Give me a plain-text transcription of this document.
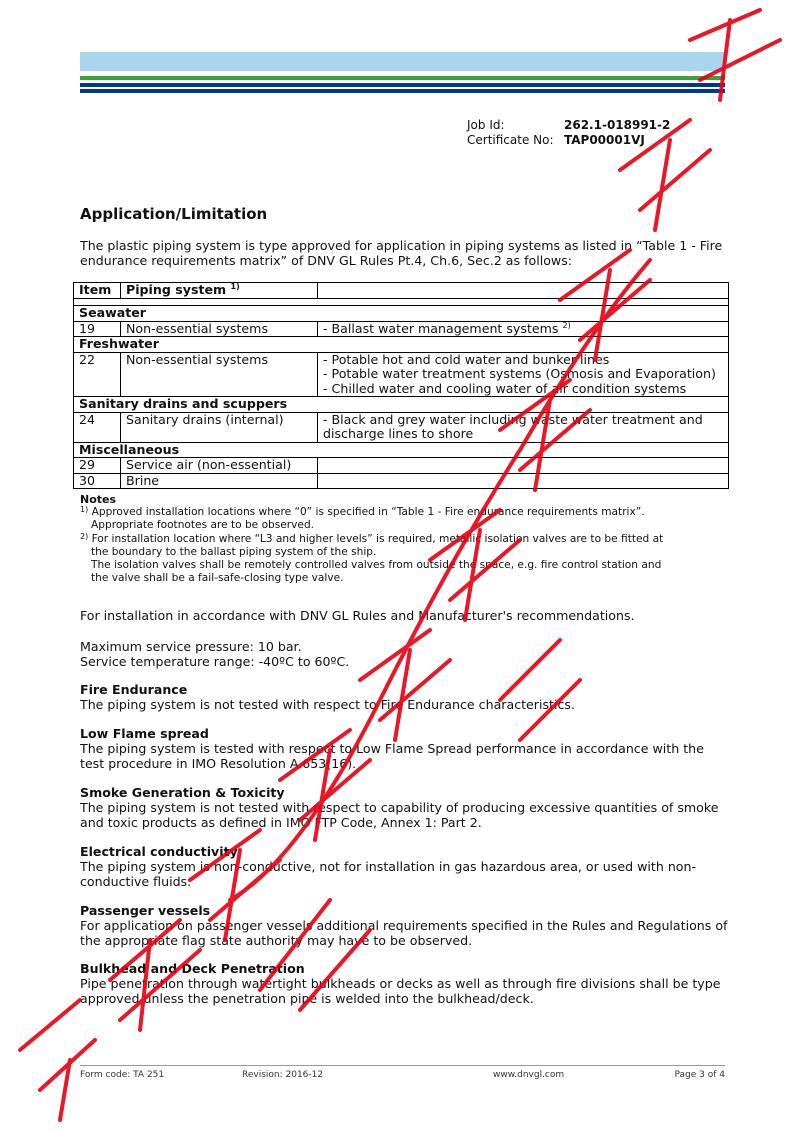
Job Id:	262.1-018991-2
Certificate No: TAP00001VJ
Application/Limitation

The plastic piping system is type approved for application in piping systems as listed in “Table 1 - Fire endurance requirements matrix” of DNV GL Rules Pt.4, Ch.6, Sec.2 as follows:

Item	Piping system $^{1)}$	

Seawater		
19	Non-essential systems	- Ballast water management systems $^{2)}$
Freshwater		
22	Non-essential systems	- Potable hot and cold water and bunker lines
- Potable water treatment systems (Osmosis and Evaporation)
- Chilled water and cooling water of air condition systems

Sanitary drains and scuppers		
24	Sanitary drains (internal)	- Black and grey water including waste water treatment and discharge lines to shore
Miscellaneous		
29	Service air (non-essential)	
30	Brine	
Notes
$^{1)}$ Approved installation locations where “0” is specified in “Table 1 - Fire endurance requirements matrix”.
Appropriate footnotes are to be observed.
$^{2)}$ For installation location where “L3 and higher levels” is required, metallic isolation valves are to be fitted at
the boundary to the ballast piping system of the ship.
The isolation valves shall be remotely controlled valves from outside the space, e.g. fire control station and
the valve shall be a fail-safe-closing type valve.

For installation in accordance with DNV GL Rules and Manufacturer's recommendations.

Maximum service pressure: 10 bar.

Service temperature range: -40ºC to 60ºC.

Fire Endurance

The piping system is not tested with respect to Fire Endurance characteristics.

Low Flame spread

The piping system is tested with respect to Low Flame Spread performance in accordance with the test procedure in IMO Resolution A.653(16).

Smoke Generation & Toxicity

The piping system is not tested with respect to capability of producing excessive quantities of smoke and toxic products as defined in IMO FTP Code, Annex 1: Part 2.

Electrical conductivity

The piping system is non-conductive, not for installation in gas hazardous area, or used with non-conductive fluids.

Passenger vessels

For application on passenger vessels additional requirements specified in the Rules and Regulations of the appropriate flag state authority may have to be observed.

Bulkhead and Deck Penetration

Pipe penetration through watertight bulkheads or decks as well as through fire divisions shall be type approved unless the penetration pipe is welded into the bulkhead/deck.

Form code: TA 251	Revision: 2016-12	www.dnvgl.com	Page 3 of 4
